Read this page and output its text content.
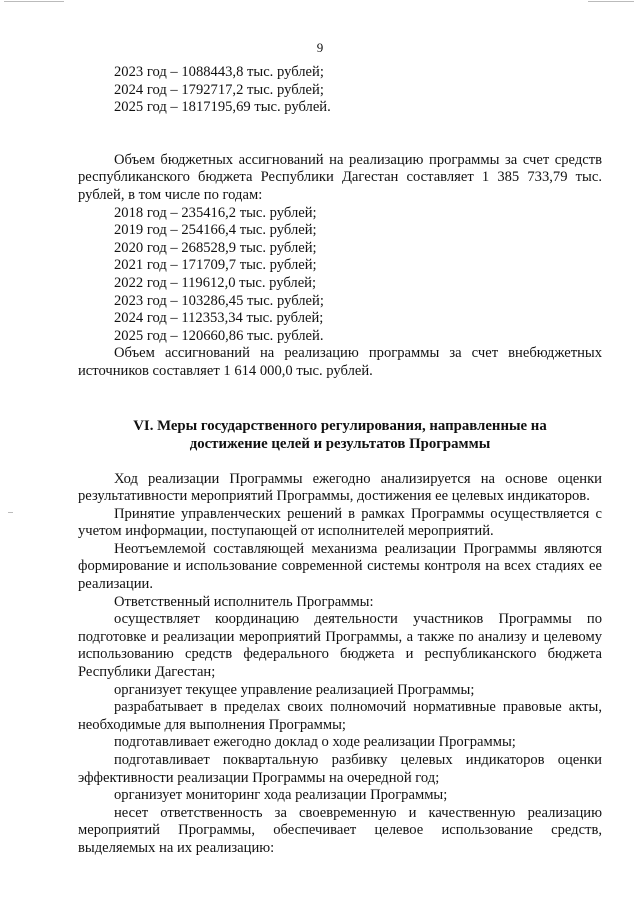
9
2023 год – 1088443,8 тыс. рублей;
2024 год – 1792717,2 тыс. рублей;
2025 год – 1817195,69 тыс. рублей.
Объем бюджетных ассигнований на реализацию программы за счет средств республиканского бюджета Республики Дагестан составляет 1 385 733,79 тыс. рублей, в том числе по годам:
2018 год – 235416,2 тыс. рублей;
2019 год – 254166,4 тыс. рублей;
2020 год – 268528,9 тыс. рублей;
2021 год – 171709,7 тыс. рублей;
2022 год – 119612,0 тыс. рублей;
2023 год – 103286,45 тыс. рублей;
2024 год – 112353,34 тыс. рублей;
2025 год – 120660,86 тыс. рублей.
Объем ассигнований на реализацию программы за счет внебюджетных источников составляет 1 614 000,0 тыс. рублей.
VI. Меры государственного регулирования, направленные на
достижение целей и результатов Программы
Ход реализации Программы ежегодно анализируется на основе оценки результативности мероприятий Программы, достижения ее целевых индикаторов.
Принятие управленческих решений в рамках Программы осуществляется с учетом информации, поступающей от исполнителей мероприятий.
Неотъемлемой составляющей механизма реализации Программы являются формирование и использование современной системы контроля на всех стадиях ее реализации.
Ответственный исполнитель Программы:
осуществляет координацию деятельности участников Программы по подготовке и реализации мероприятий Программы, а также по анализу и целевому использованию средств федерального бюджета и республиканского бюджета Республики Дагестан;
организует текущее управление реализацией Программы;
разрабатывает в пределах своих полномочий нормативные правовые акты, необходимые для выполнения Программы;
подготавливает ежегодно доклад о ходе реализации Программы;
подготавливает поквартальную разбивку целевых индикаторов оценки эффективности реализации Программы на очередной год;
организует мониторинг хода реализации Программы;
несет ответственность за своевременную и качественную реализацию мероприятий Программы, обеспечивает целевое использование средств, выделяемых на их реализацию:
